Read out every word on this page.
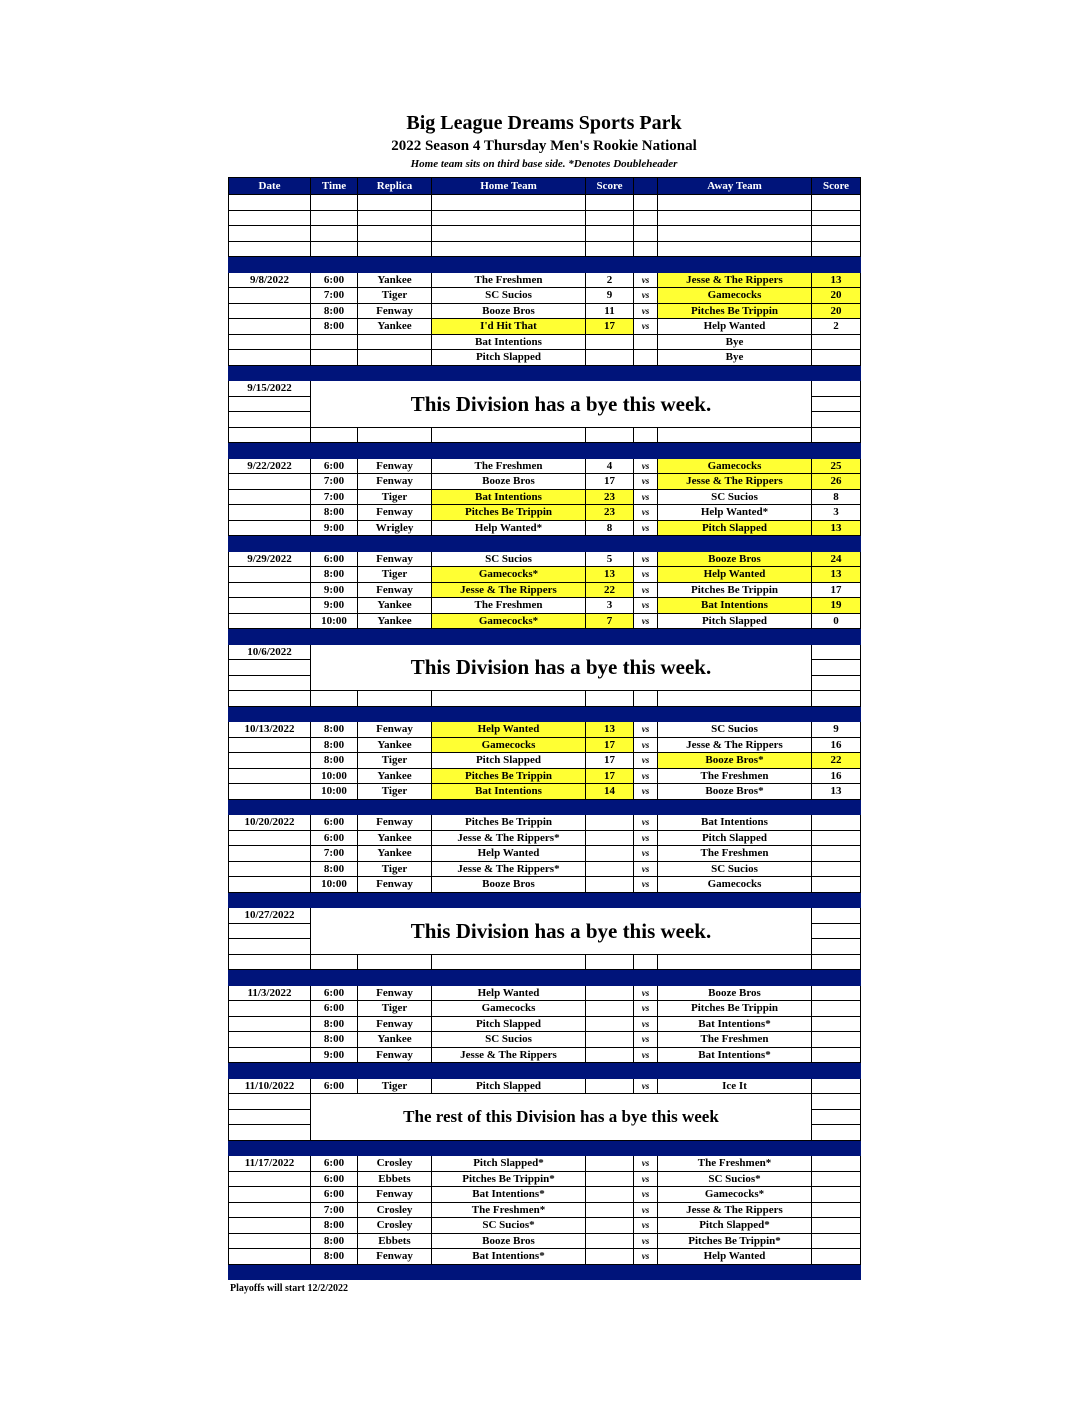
Big League Dreams Sports Park
2022 Season 4 Thursday Men's Rookie National
Home team sits on third base side. *Denotes Doubleheader
Date	Time	Replica	Home Team	Score		Away Team	Score

9/8/2022	6:00	Yankee	The Freshmen	2	vs	Jesse & The Rippers	13
	7:00	Tiger	SC Sucios	9	vs	Gamecocks	20
	8:00	Fenway	Booze Bros	11	vs	Pitches Be Trippin	20
	8:00	Yankee	I'd Hit That	17	vs	Help Wanted	2
			Bat Intentions			Bye	
			Pitch Slapped			Bye	

9/15/2022	This Division has a bye this week.						

9/22/2022	6:00	Fenway	The Freshmen	4	vs	Gamecocks	25
	7:00	Fenway	Booze Bros	17	vs	Jesse & The Rippers	26
	7:00	Tiger	Bat Intentions	23	vs	SC Sucios	8
	8:00	Fenway	Pitches Be Trippin	23	vs	Help Wanted*	3
	9:00	Wrigley	Help Wanted*	8	vs	Pitch Slapped	13

9/29/2022	6:00	Fenway	SC Sucios	5	vs	Booze Bros	24
	8:00	Tiger	Gamecocks*	13	vs	Help Wanted	13
	9:00	Fenway	Jesse & The Rippers	22	vs	Pitches Be Trippin	17
	9:00	Yankee	The Freshmen	3	vs	Bat Intentions	19
	10:00	Yankee	Gamecocks*	7	vs	Pitch Slapped	0

10/6/2022	This Division has a bye this week.						

10/13/2022	8:00	Fenway	Help Wanted	13	vs	SC Sucios	9
	8:00	Yankee	Gamecocks	17	vs	Jesse & The Rippers	16
	8:00	Tiger	Pitch Slapped	17	vs	Booze Bros*	22
	10:00	Yankee	Pitches Be Trippin	17	vs	The Freshmen	16
	10:00	Tiger	Bat Intentions	14	vs	Booze Bros*	13

10/20/2022	6:00	Fenway	Pitches Be Trippin		vs	Bat Intentions	
	6:00	Yankee	Jesse & The Rippers*		vs	Pitch Slapped	
	7:00	Yankee	Help Wanted		vs	The Freshmen	
	8:00	Tiger	Jesse & The Rippers*		vs	SC Sucios	
	10:00	Fenway	Booze Bros		vs	Gamecocks	

10/27/2022	This Division has a bye this week.						

11/3/2022	6:00	Fenway	Help Wanted		vs	Booze Bros	
	6:00	Tiger	Gamecocks		vs	Pitches Be Trippin	
	8:00	Fenway	Pitch Slapped		vs	Bat Intentions*	
	8:00	Yankee	SC Sucios		vs	The Freshmen	
	9:00	Fenway	Jesse & The Rippers		vs	Bat Intentions*	

11/10/2022	6:00	Tiger	Pitch Slapped		vs	Ice It	
	The rest of this Division has a bye this week						

11/17/2022	6:00	Crosley	Pitch Slapped*		vs	The Freshmen*	
	6:00	Ebbets	Pitches Be Trippin*		vs	SC Sucios*	
	6:00	Fenway	Bat Intentions*		vs	Gamecocks*	
	7:00	Crosley	The Freshmen*		vs	Jesse & The Rippers	
	8:00	Crosley	SC Sucios*		vs	Pitch Slapped*	
	8:00	Ebbets	Booze Bros		vs	Pitches Be Trippin*	
	8:00	Fenway	Bat Intentions*		vs	Help Wanted	

Playoffs will start 12/2/2022
